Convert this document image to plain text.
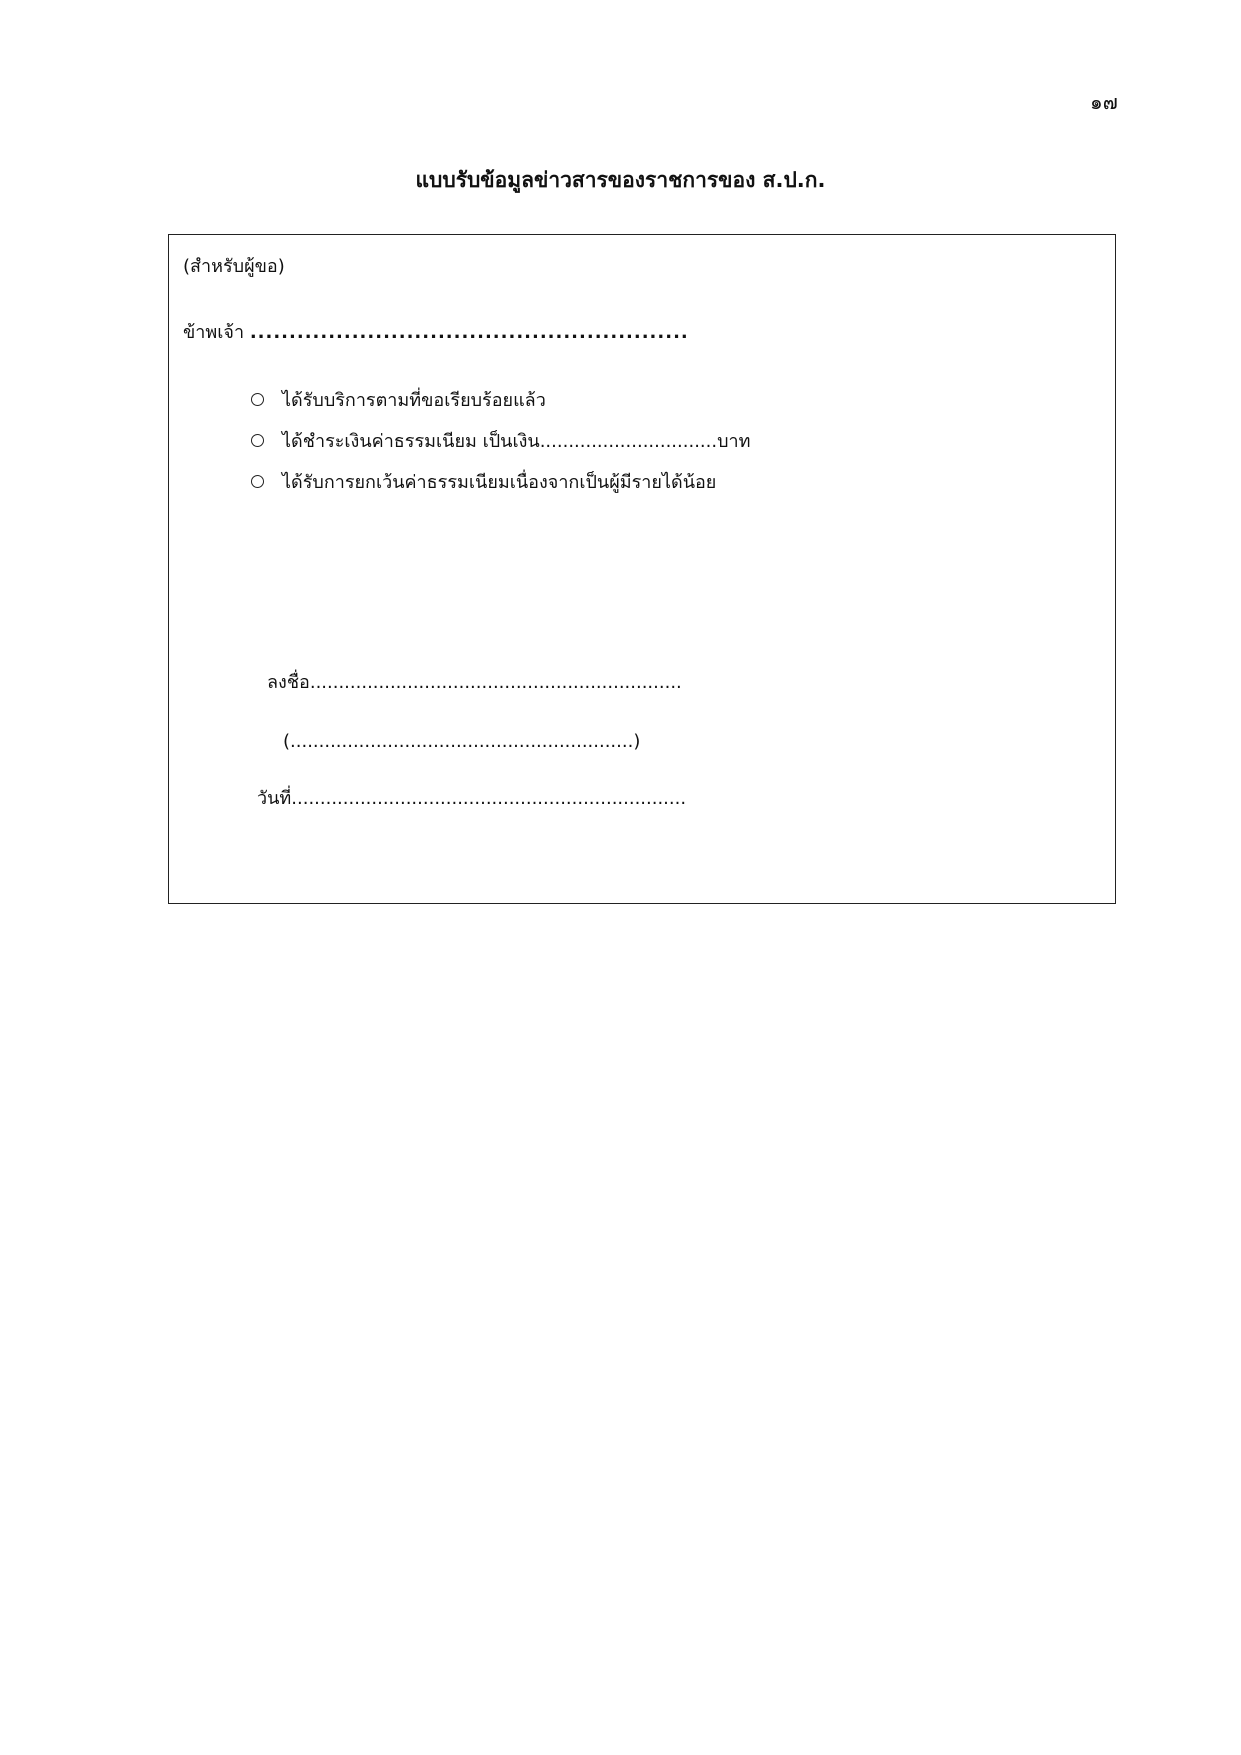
๑๗
แบบรับข้อมูลข่าวสารของราชการของ ส.ป.ก.
(สำหรับผู้ขอ)
ข้าพเจ้า ........................................................
ได้รับบริการตามที่ขอเรียบร้อยแล้ว
ได้ชำระเงินค่าธรรมเนียม เป็นเงิน...............................บาท
ได้รับการยกเว้นค่าธรรมเนียมเนื่องจากเป็นผู้มีรายได้น้อย
ลงชื่อ.................................................................
(............................................................)
วันที่.....................................................................
